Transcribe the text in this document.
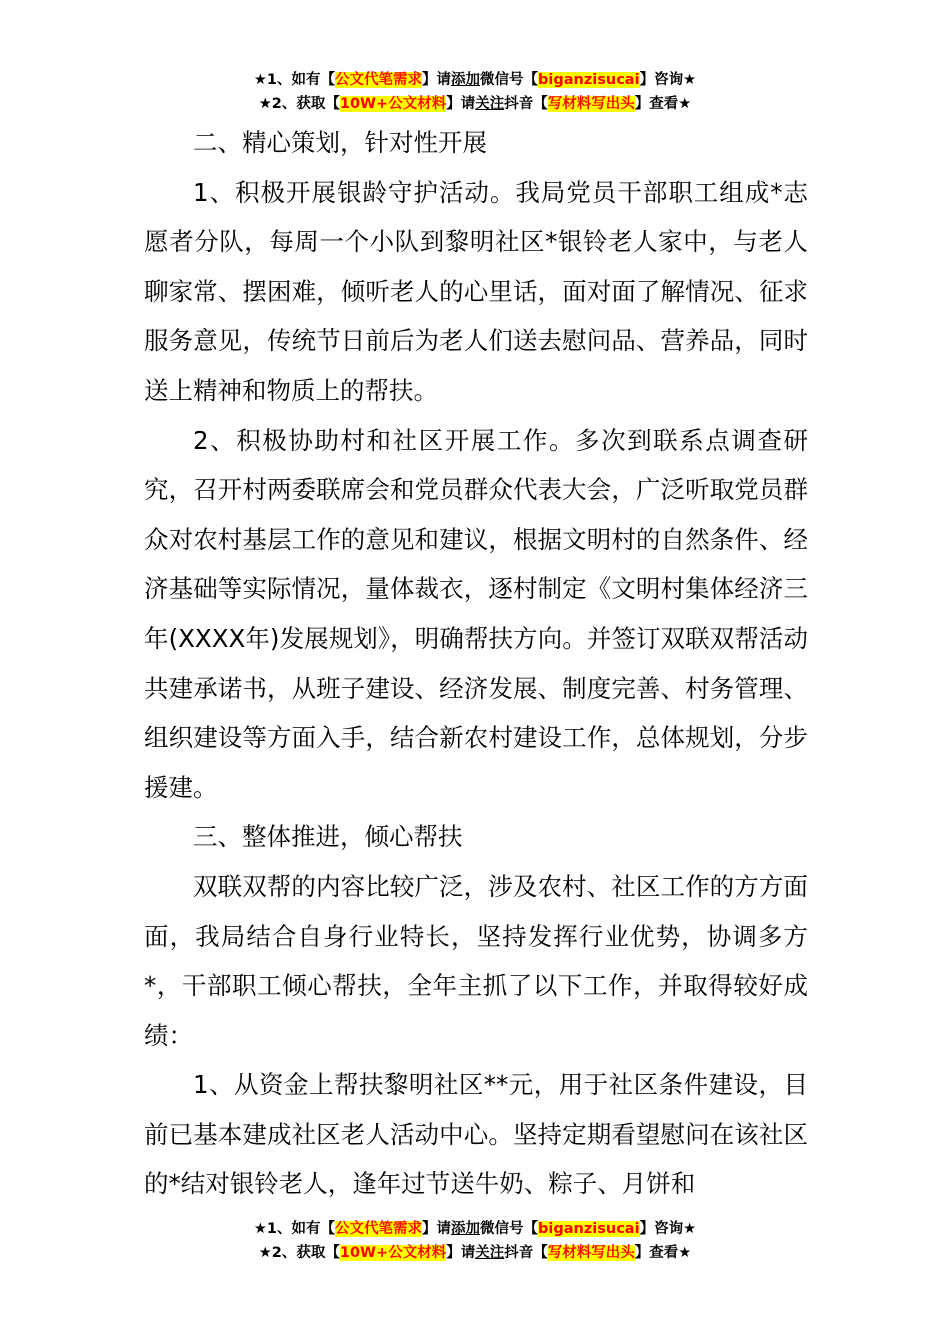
★1、如有【公文代笔需求】请添加微信号【biganzisucai】咨询★
★2、获取【10W+公文材料】请关注抖音【写材料写出头】查看★

二、精心策划，针对性开展

1、积极开展银龄守护活动。我局党员干部职工组成*志愿者分队，每周一个小队到黎明社区*银铃老人家中，与老人聊家常、摆困难，倾听老人的心里话，面对面了解情况、征求服务意见，传统节日前后为老人们送去慰问品、营养品，同时送上精神和物质上的帮扶。

2、积极协助村和社区开展工作。多次到联系点调查研究，召开村两委联席会和党员群众代表大会，广泛听取党员群众对农村基层工作的意见和建议，根据文明村的自然条件、经济基础等实际情况，量体裁衣，逐村制定《文明村集体经济三年(XXXX年)发展规划》，明确帮扶方向。并签订双联双帮活动共建承诺书，从班子建设、经济发展、制度完善、村务管理、组织建设等方面入手，结合新农村建设工作，总体规划，分步援建。

三、整体推进，倾心帮扶

双联双帮的内容比较广泛，涉及农村、社区工作的方方面面，我局结合自身行业特长，坚持发挥行业优势，协调多方*，干部职工倾心帮扶，全年主抓了以下工作，并取得较好成绩：

1、从资金上帮扶黎明社区**元，用于社区条件建设，目前已基本建成社区老人活动中心。坚持定期看望慰问在该社区的*结对银铃老人，逢年过节送牛奶、粽子、月饼和

★1、如有【公文代笔需求】请添加微信号【biganzisucai】咨询★
★2、获取【10W+公文材料】请关注抖音【写材料写出头】查看★
